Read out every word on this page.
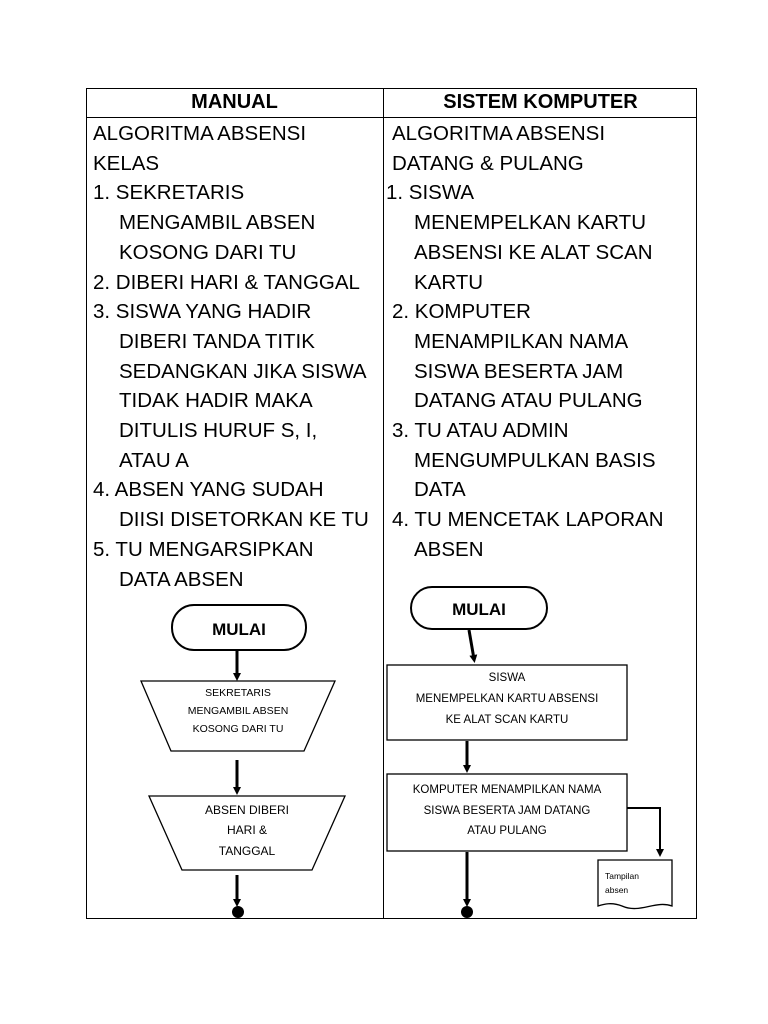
MANUAL	SISTEM KOMPUTER
ALGORITMA ABSENSI
KELAS
1. SEKRETARIS
MENGAMBIL ABSEN
KOSONG DARI TU
2. DIBERI HARI & TANGGAL
3. SISWA YANG HADIR
DIBERI TANDA TITIK
SEDANGKAN JIKA SISWA
TIDAK HADIR MAKA
DITULIS HURUF S, I,
ATAU A
4. ABSEN YANG SUDAH
DIISI DISETORKAN KE TU
5. TU MENGARSIPKAN
DATA ABSEN
ALGORITMA ABSENSI
DATANG & PULANG
1. SISWA
MENEMPELKAN KARTU
ABSENSI KE ALAT SCAN
KARTU
2. KOMPUTER
MENAMPILKAN NAMA
SISWA BESERTA JAM
DATANG ATAU PULANG
3. TU ATAU ADMIN
MENGUMPULKAN BASIS
DATA
4. TU MENCETAK LAPORAN
ABSEN
MULAI
SEKRETARIS
MENGAMBIL ABSEN
KOSONG DARI TU
ABSEN DIBERI
HARI &
TANGGAL
MULAI
SISWA
MENEMPELKAN KARTU ABSENSI
KE ALAT SCAN KARTU
KOMPUTER MENAMPILKAN NAMA
SISWA BESERTA JAM DATANG
ATAU PULANG
Tampilan
absen
